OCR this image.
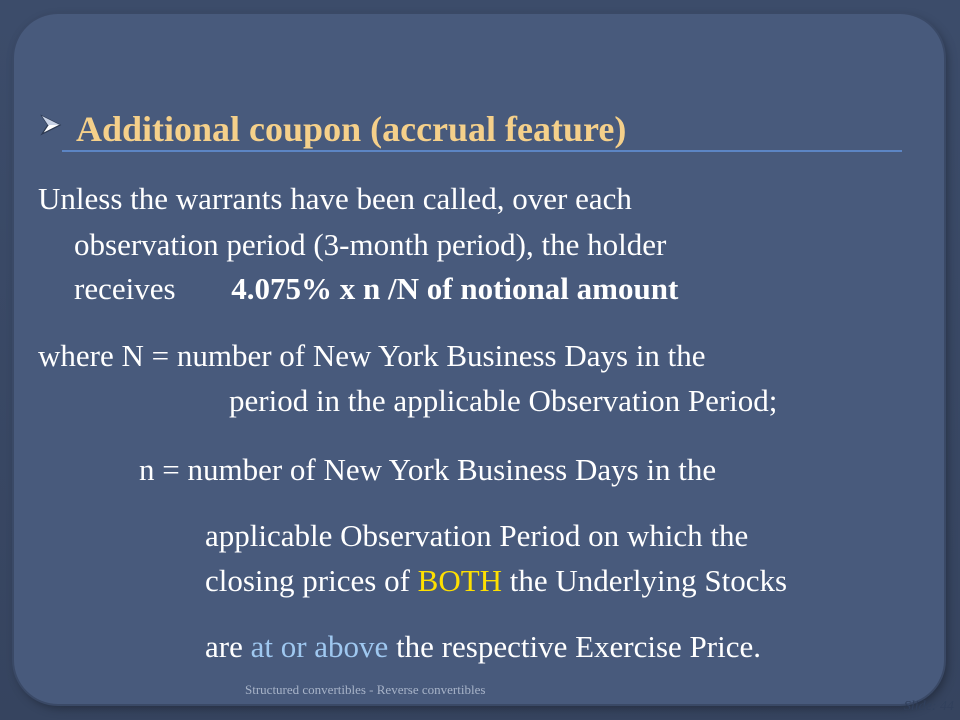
Additional coupon (accrual feature)
Unless the warrants have been called, over each
observation period (3-month period), the holder
receives 4.075% x n /N of notional amount
where N = number of New York Business Days in the
period in the applicable Observation Period;
n = number of New York Business Days in the
applicable Observation Period on which the
closing prices of BOTH the Underlying Stocks
are at or above the respective Exercise Price.
Structured convertibles - Reverse convertibles
Slide: 44
